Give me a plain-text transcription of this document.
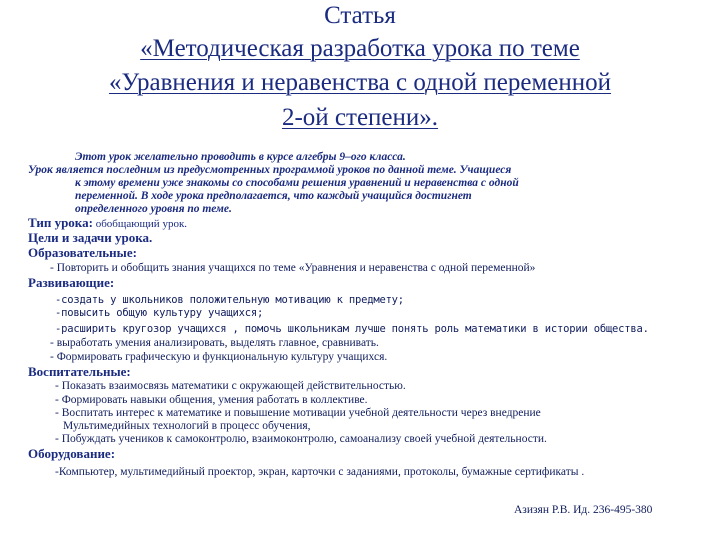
Статья
«Методическая разработка урока по теме
«Уравнения и неравенства с одной переменной
2-ой степени».
Этот урок желательно проводить в курсе алгебры 9–ого класса.
Урок является последним из предусмотренных программой уроков по данной теме. Учащиеся
к этому времени уже знакомы со способами решения уравнений и неравенства с одной
переменной. В ходе урока предполагается, что каждый учащийся достигнет
определенного уровня по теме.
Тип урока: обобщающий урок.
Цели и задачи урока.
Образовательные:
- Повторить и обобщить знания учащихся по теме «Уравнения и неравенства с одной переменной»
Развивающие:
-создать у школьников положительную мотивацию к предмету;
-повысить общую культуру учащихся;
-расширить кругозор учащихся , помочь школьникам лучше понять роль математики в истории общества.
- выработать умения анализировать, выделять главное, сравнивать.
- Формировать графическую и функциональную культуру учащихся.
Воспитательные:
- Показать взаимосвязь математики с окружающей действительностью.
- Формировать навыки общения, умения работать в коллективе.
- Воспитать интерес к математике и повышение мотивации учебной деятельности через внедрение
Мультимедийных технологий в процесс обучения,
- Побуждать учеников к самоконтролю, взаимоконтролю, самоанализу своей учебной деятельности.
Оборудование:
-Компьютер, мультимедийный проектор, экран, карточки с заданиями, протоколы, бумажные сертификаты .
Азизян Р.В. Ид. 236-495-380
